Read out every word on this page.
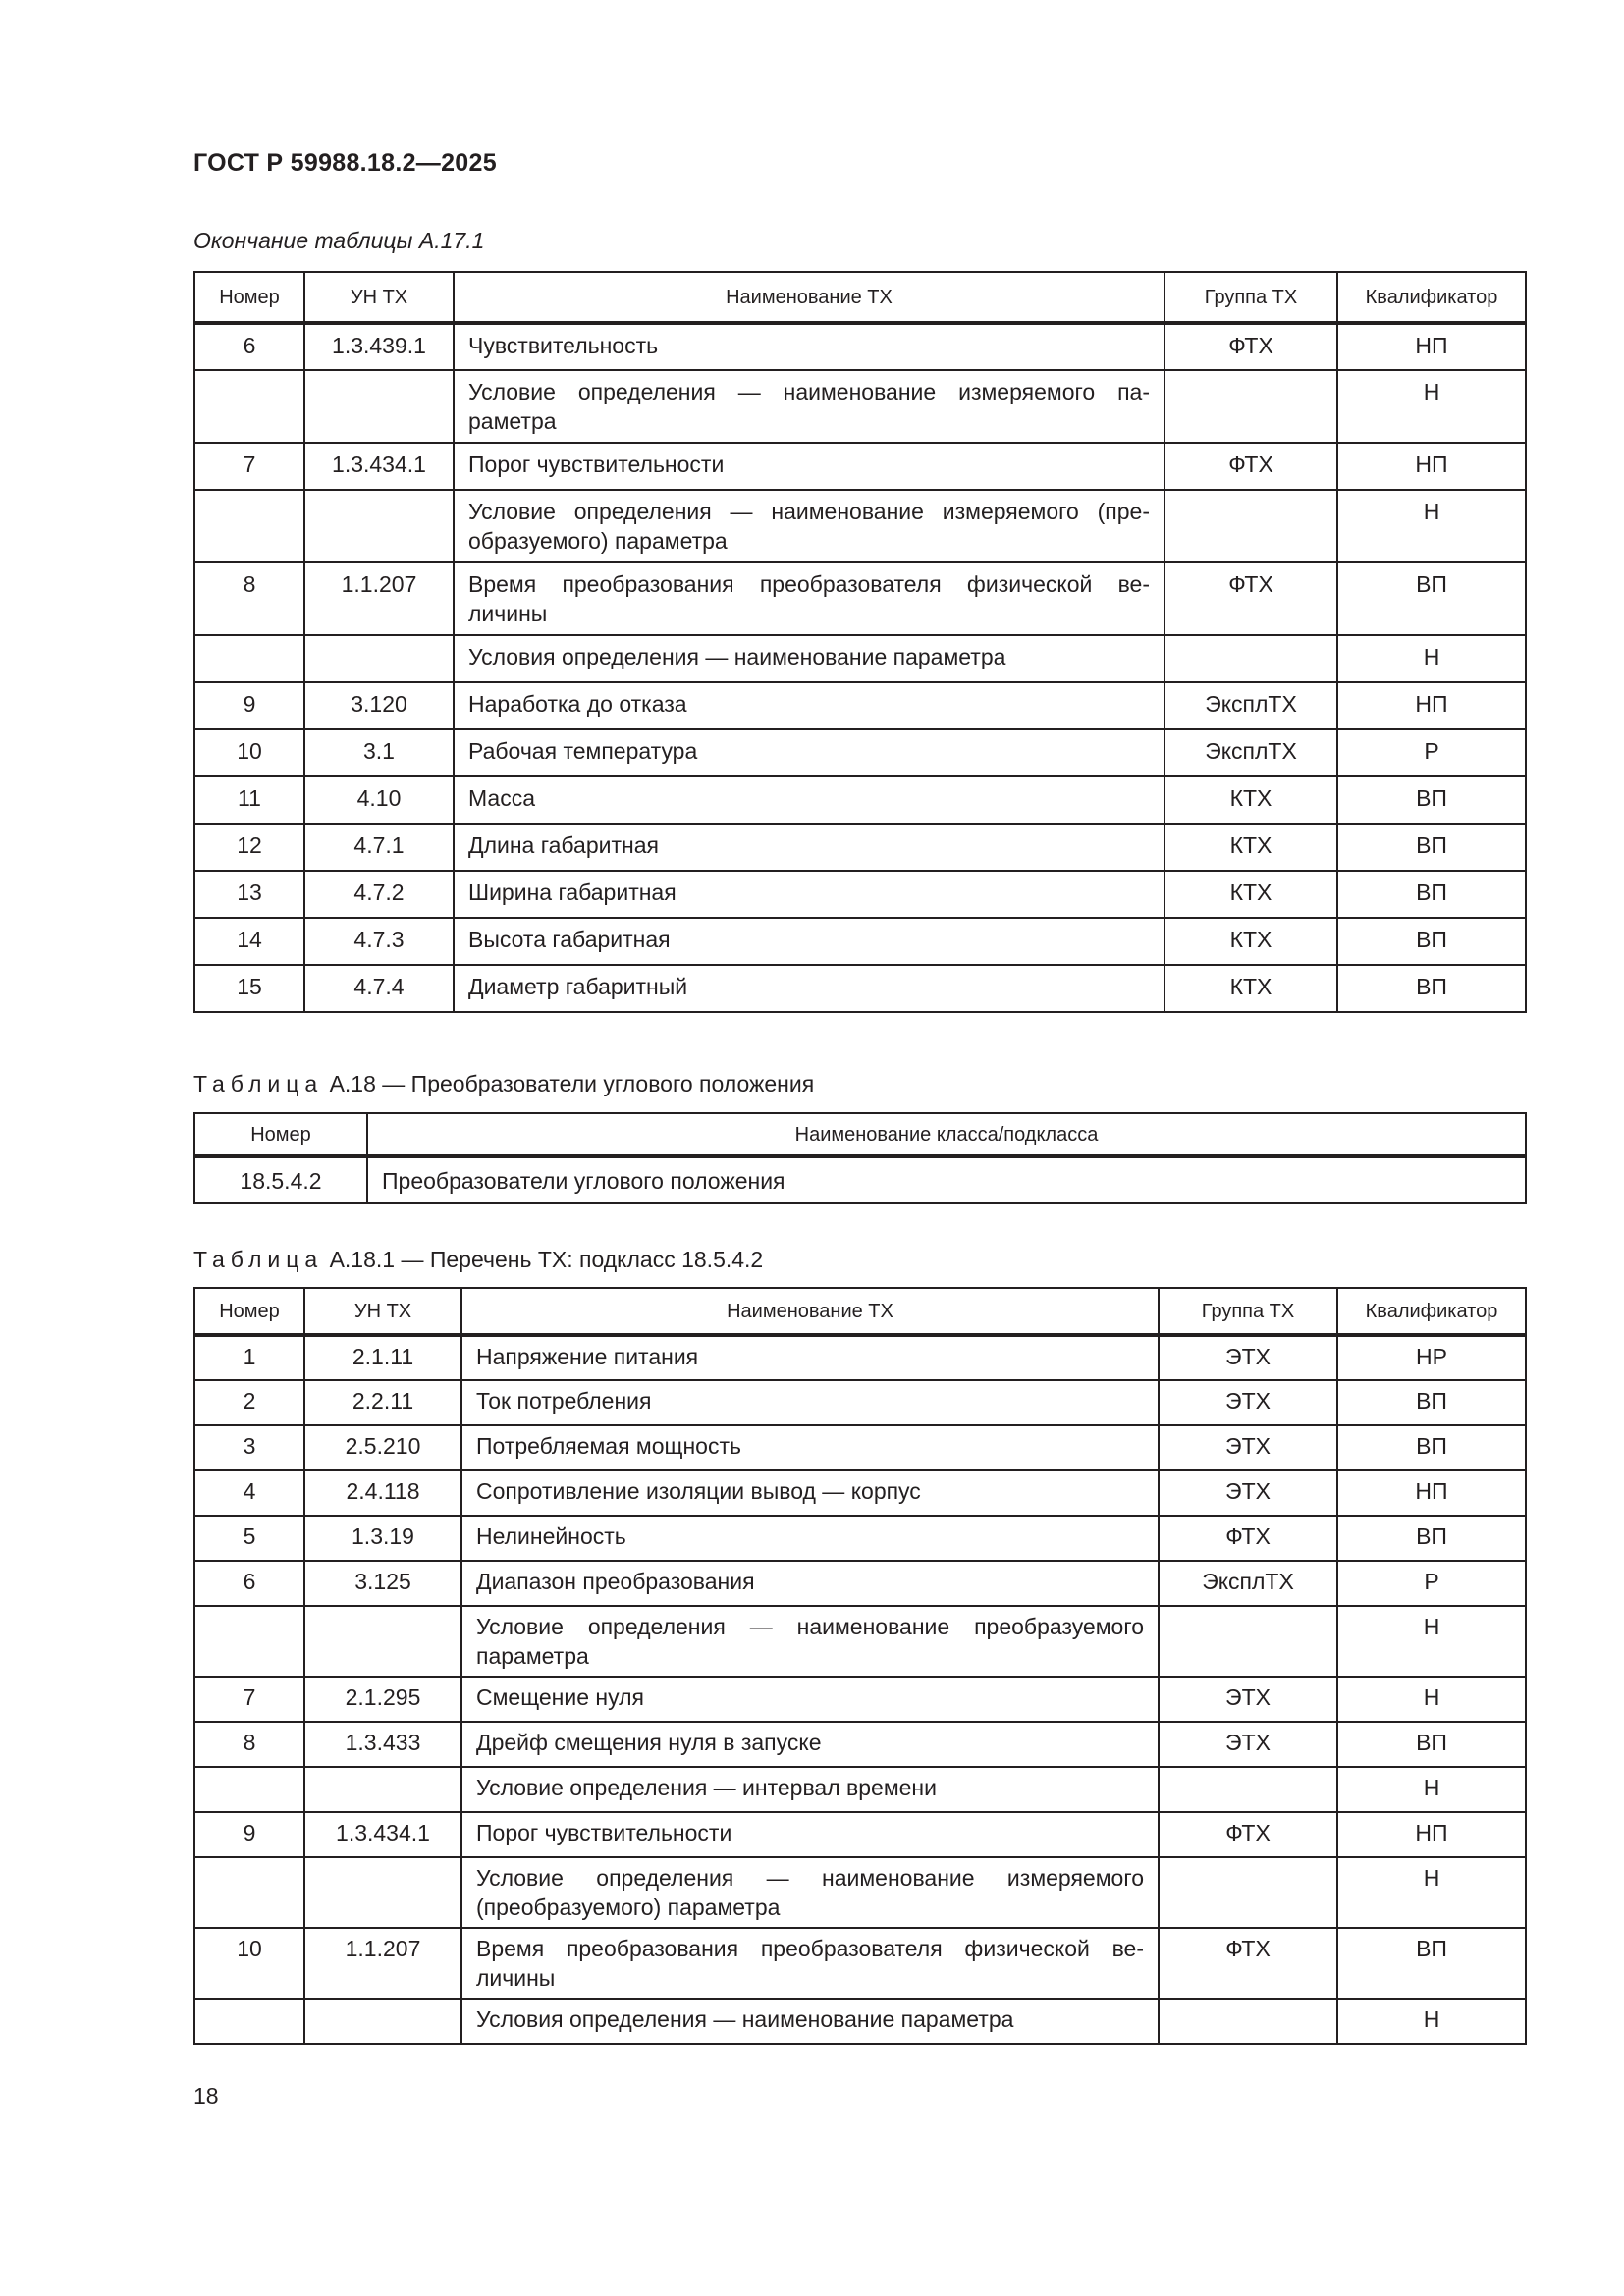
ГОСТ Р 59988.18.2—2025
Окончание таблицы А.17.1
Номер	УН ТХ	Наименование ТХ	Группа ТХ	Квалификатор
6	1.3.439.1	Чувствительность	ФТХ	НП
		Условие определения — наименование измеряемого па-раметра		Н
7	1.3.434.1	Порог чувствительности	ФТХ	НП
		Условие определения — наименование измеряемого (пре-образуемого) параметра		Н
8	1.1.207	Время преобразования преобразователя физической ве-личины	ФТХ	ВП
		Условия определения — наименование параметра		Н
9	3.120	Наработка до отказа	ЭксплТХ	НП
10	3.1	Рабочая температура	ЭксплТХ	Р
11	4.10	Масса	КТХ	ВП
12	4.7.1	Длина габаритная	КТХ	ВП
13	4.7.2	Ширина габаритная	КТХ	ВП
14	4.7.3	Высота габаритная	КТХ	ВП
15	4.7.4	Диаметр габаритный	КТХ	ВП
Таблица А.18 — Преобразователи углового положения
Номер	Наименование класса/подкласса
18.5.4.2	Преобразователи углового положения
Таблица А.18.1 — Перечень ТХ: подкласс 18.5.4.2
Номер	УН ТХ	Наименование ТХ	Группа ТХ	Квалификатор
1	2.1.11	Напряжение питания	ЭТХ	НР
2	2.2.11	Ток потребления	ЭТХ	ВП
3	2.5.210	Потребляемая мощность	ЭТХ	ВП
4	2.4.118	Сопротивление изоляции вывод — корпус	ЭТХ	НП
5	1.3.19	Нелинейность	ФТХ	ВП
6	3.125	Диапазон преобразования	ЭксплТХ	Р
		Условие определения — наименование преобразуемого параметра		Н
7	2.1.295	Смещение нуля	ЭТХ	Н
8	1.3.433	Дрейф смещения нуля в запуске	ЭТХ	ВП
		Условие определения — интервал времени		Н
9	1.3.434.1	Порог чувствительности	ФТХ	НП
		Условие определения — наименование измеряемого (преобразуемого) параметра		Н
10	1.1.207	Время преобразования преобразователя физической ве-личины	ФТХ	ВП
		Условия определения — наименование параметра		Н
18
